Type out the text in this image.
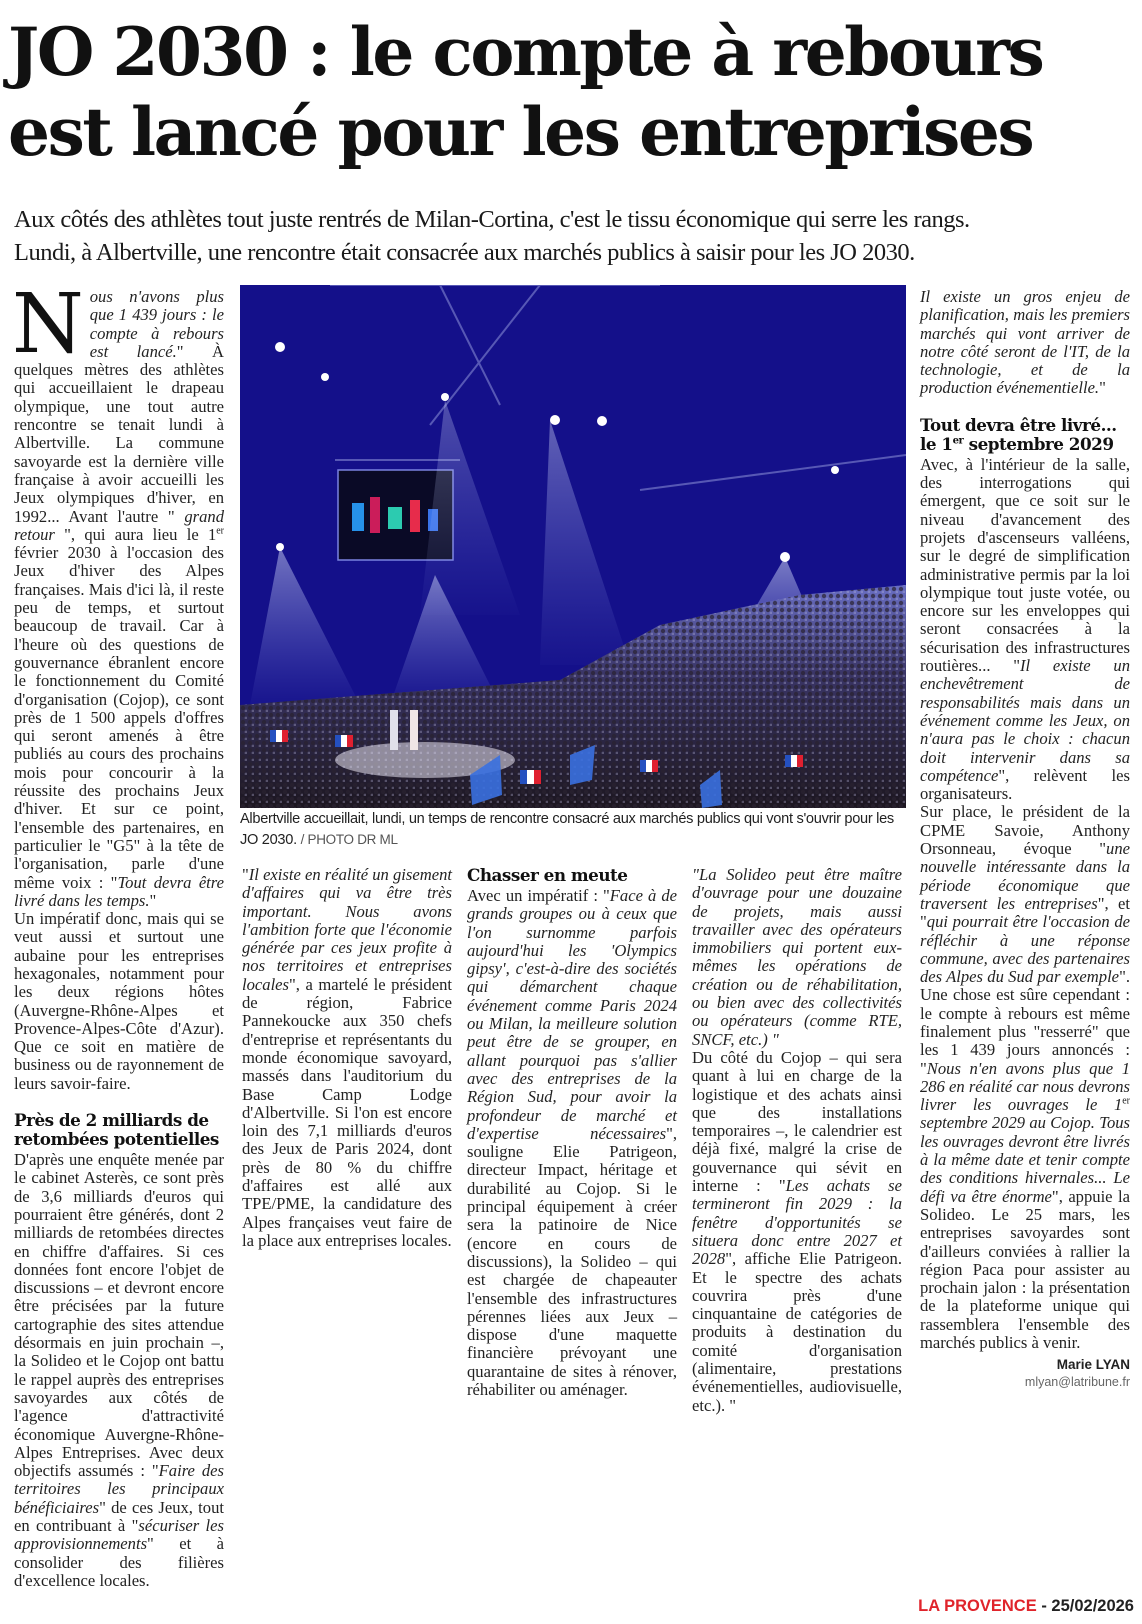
JO 2030 : le compte à rebours
est lancé pour les entreprises
Aux côtés des athlètes tout juste rentrés de Milan-Cortina, c'est le tissu économique qui serre les rangs.
Lundi, à Albertville, une rencontre était consacrée aux marchés publics à saisir pour les JO 2030.

Nous n'avons plus que 1 439 jours : le compte à rebours est lancé." À quelques mètres des athlètes qui accueillaient le drapeau olympique, une tout autre rencontre se tenait lundi à Albertville. La commune savoyarde est la dernière ville française à avoir accueilli les Jeux olympiques d'hiver, en 1992... Avant l'autre " grand retour ", qui aura lieu le 1er février 2030 à l'occasion des Jeux d'hiver des Alpes françaises. Mais d'ici là, il reste peu de temps, et surtout beaucoup de travail. Car à l'heure où des questions de gouvernance ébranlent encore le fonctionnement du Comité d'organisation (Cojop), ce sont près de 1 500 appels d'offres qui seront amenés à être publiés au cours des prochains mois pour concourir à la réussite des prochains Jeux d'hiver. Et sur ce point, l'ensemble des partenaires, en particulier le "G5" à la tête de l'organisation, parle d'une même voix : "Tout devra être livré dans les temps."

Un impératif donc, mais qui se veut aussi et surtout une aubaine pour les entreprises hexagonales, notamment pour les deux régions hôtes (Auvergne-Rhône-Alpes et Provence-Alpes-Côte d'Azur). Que ce soit en matière de business ou de rayonnement de leurs savoir-faire.

Près de 2 milliards de retombées potentielles

D'après une enquête menée par le cabinet Asterès, ce sont près de 3,6 milliards d'euros qui pourraient être générés, dont 2 milliards de retombées directes en chiffre d'affaires. Si ces données font encore l'objet de discussions – et devront encore être précisées par la future cartographie des sites attendue désormais en juin prochain –, la Solideo et le Cojop ont battu le rappel auprès des entreprises savoyardes aux côtés de l'agence d'attractivité économique Auvergne-Rhône-Alpes Entreprises. Avec deux objectifs assumés : "Faire des territoires les principaux bénéficiaires" de ces Jeux, tout en contribuant à "sécuriser les approvisionnements" et à consolider des filières d'excellence locales.

Albertville accueillait, lundi, un temps de rencontre consacré aux marchés publics qui vont s'ouvrir pour les JO 2030. / PHOTO DR ML

"Il existe en réalité un gisement d'affaires qui va être très important. Nous avons l'ambition forte que l'économie générée par ces jeux profite à nos territoires et entreprises locales", a martelé le président de région, Fabrice Pannekoucke aux 350 chefs d'entreprise et représentants du monde économique savoyard, massés dans l'auditorium du Base Camp Lodge d'Albertville. Si l'on est encore loin des 7,1 milliards d'euros des Jeux de Paris 2024, dont près de 80 % du chiffre d'affaires est allé aux TPE/PME, la candidature des Alpes françaises veut faire de la place aux entreprises locales.

Chasser en meute

Avec un impératif : "Face à de grands groupes ou à ceux que l'on surnomme parfois aujourd'hui les 'Olympics gipsy', c'est-à-dire des sociétés qui démarchent chaque événement comme Paris 2024 ou Milan, la meilleure solution peut être de se grouper, en allant pourquoi pas s'allier avec des entreprises de la Région Sud, pour avoir la profondeur de marché et d'expertise nécessaires", souligne Elie Patrigeon, directeur Impact, héritage et durabilité au Cojop. Si le principal équipement à créer sera la patinoire de Nice (encore en cours de discussions), la Solideo – qui est chargée de chapeauter l'ensemble des infrastructures pérennes liées aux Jeux – dispose d'une maquette financière prévoyant une quarantaine de sites à rénover, réhabiliter ou aménager.

"La Solideo peut être maître d'ouvrage pour une douzaine de projets, mais aussi travailler avec des opérateurs immobiliers qui portent eux-mêmes les opérations de création ou de réhabilitation, ou bien avec des collectivités ou opérateurs (comme RTE, SNCF, etc.) "

Du côté du Cojop – qui sera quant à lui en charge de la logistique et des achats ainsi que des installations temporaires –, le calendrier est déjà fixé, malgré la crise de gouvernance qui sévit en interne : "Les achats se termineront fin 2029 : la fenêtre d'opportunités se situera donc entre 2027 et 2028", affiche Elie Patrigeon. Et le spectre des achats couvrira près d'une cinquantaine de catégories de produits à destination du comité d'organisation (alimentaire, prestations événementielles, audiovisuelle, etc.). "

Il existe un gros enjeu de planification, mais les premiers marchés qui vont arriver de notre côté seront de l'IT, de la technologie, et de la production événementielle."

Tout devra être livré... le 1er septembre 2029

Avec, à l'intérieur de la salle, des interrogations qui émergent, que ce soit sur le niveau d'avancement des projets d'ascenseurs valléens, sur le degré de simplification administrative permis par la loi olympique tout juste votée, ou encore sur les enveloppes qui seront consacrées à la sécurisation des infrastructures routières... "Il existe un enchevêtrement de responsabilités mais dans un événement comme les Jeux, on n'aura pas le choix : chacun doit intervenir dans sa compétence", relèvent les organisateurs.

Sur place, le président de la CPME Savoie, Anthony Orsonneau, évoque "une nouvelle intéressante dans la période économique que traversent les entreprises", et "qui pourrait être l'occasion de réfléchir à une réponse commune, avec des partenaires des Alpes du Sud par exemple". Une chose est sûre cependant : le compte à rebours est même finalement plus "resserré" que les 1 439 jours annoncés : "Nous n'en avons plus que 1 286 en réalité car nous devrons livrer les ouvrages le 1er septembre 2029 au Cojop. Tous les ouvrages devront être livrés à la même date et tenir compte des conditions hivernales... Le défi va être énorme", appuie la Solideo. Le 25 mars, les entreprises savoyardes sont d'ailleurs conviées à rallier la région Paca pour assister au prochain jalon : la présentation de la plateforme unique qui rassemblera l'ensemble des marchés publics à venir.

Marie LYAN
mlyan@latribune.fr
LA PROVENCE - 25/02/2026
